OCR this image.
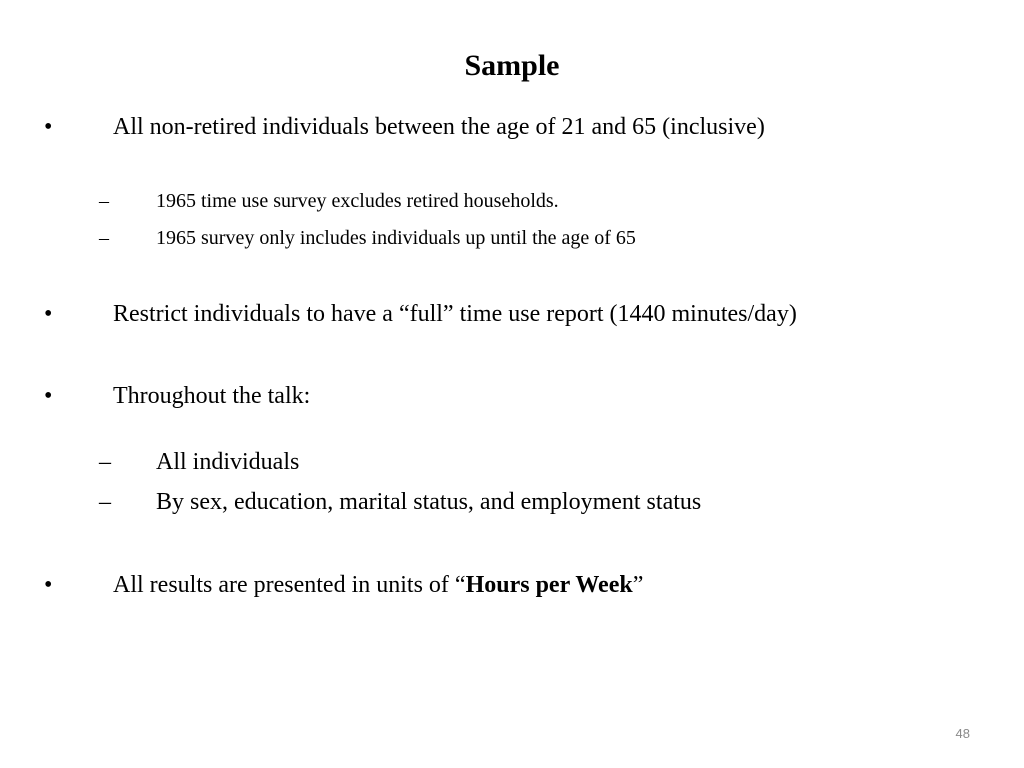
Sample
•	All non-retired individuals between the age of 21 and 65 (inclusive)
– 1965 time use survey excludes retired households.
– 1965 survey only includes individuals up until the age of 65
•	Restrict individuals to have a “full” time use report (1440 minutes/day)
•	Throughout the talk:
– All individuals
– By sex, education, marital status, and employment status
•	All results are presented in units of “Hours per Week”
48
